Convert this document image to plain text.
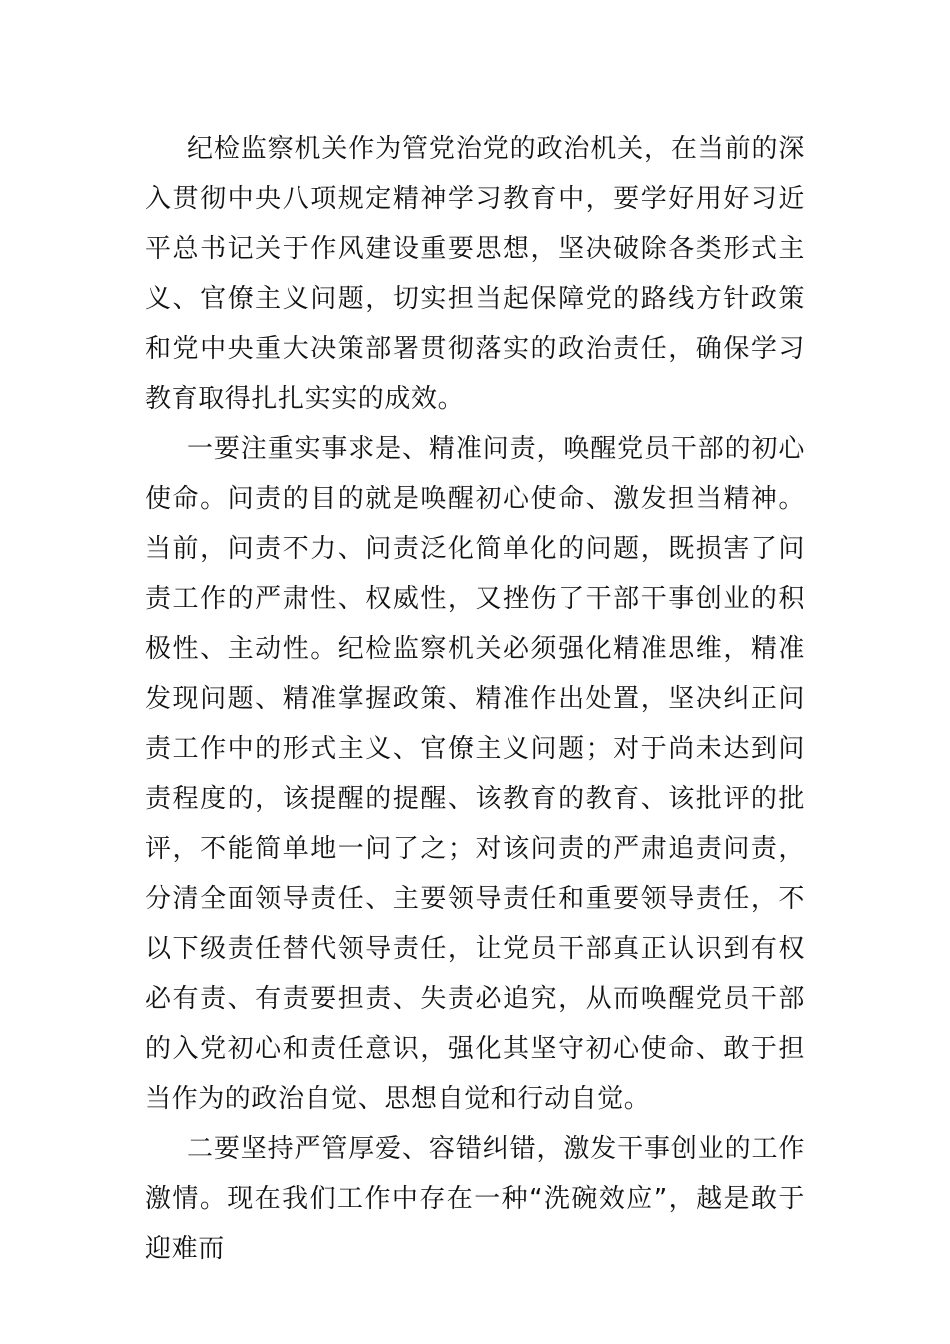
纪检监察机关作为管党治党的政治机关，在当前的深入贯彻中央八项规定精神学习教育中，要学好用好习近平总书记关于作风建设重要思想，坚决破除各类形式主义、官僚主义问题，切实担当起保障党的路线方针政策和党中央重大决策部署贯彻落实的政治责任，确保学习教育取得扎扎实实的成效。

一要注重实事求是、精准问责，唤醒党员干部的初心使命。问责的目的就是唤醒初心使命、激发担当精神。当前，问责不力、问责泛化简单化的问题，既损害了问责工作的严肃性、权威性，又挫伤了干部干事创业的积极性、主动性。纪检监察机关必须强化精准思维，精准发现问题、精准掌握政策、精准作出处置，坚决纠正问责工作中的形式主义、官僚主义问题；对于尚未达到问责程度的，该提醒的提醒、该教育的教育、该批评的批评，不能简单地一问了之；对该问责的严肃追责问责，分清全面领导责任、主要领导责任和重要领导责任，不以下级责任替代领导责任，让党员干部真正认识到有权必有责、有责要担责、失责必追究，从而唤醒党员干部的入党初心和责任意识，强化其坚守初心使命、敢于担当作为的政治自觉、思想自觉和行动自觉。

二要坚持严管厚爱、容错纠错，激发干事创业的工作激情。现在我们工作中存在一种“洗碗效应”，越是敢于迎难而
